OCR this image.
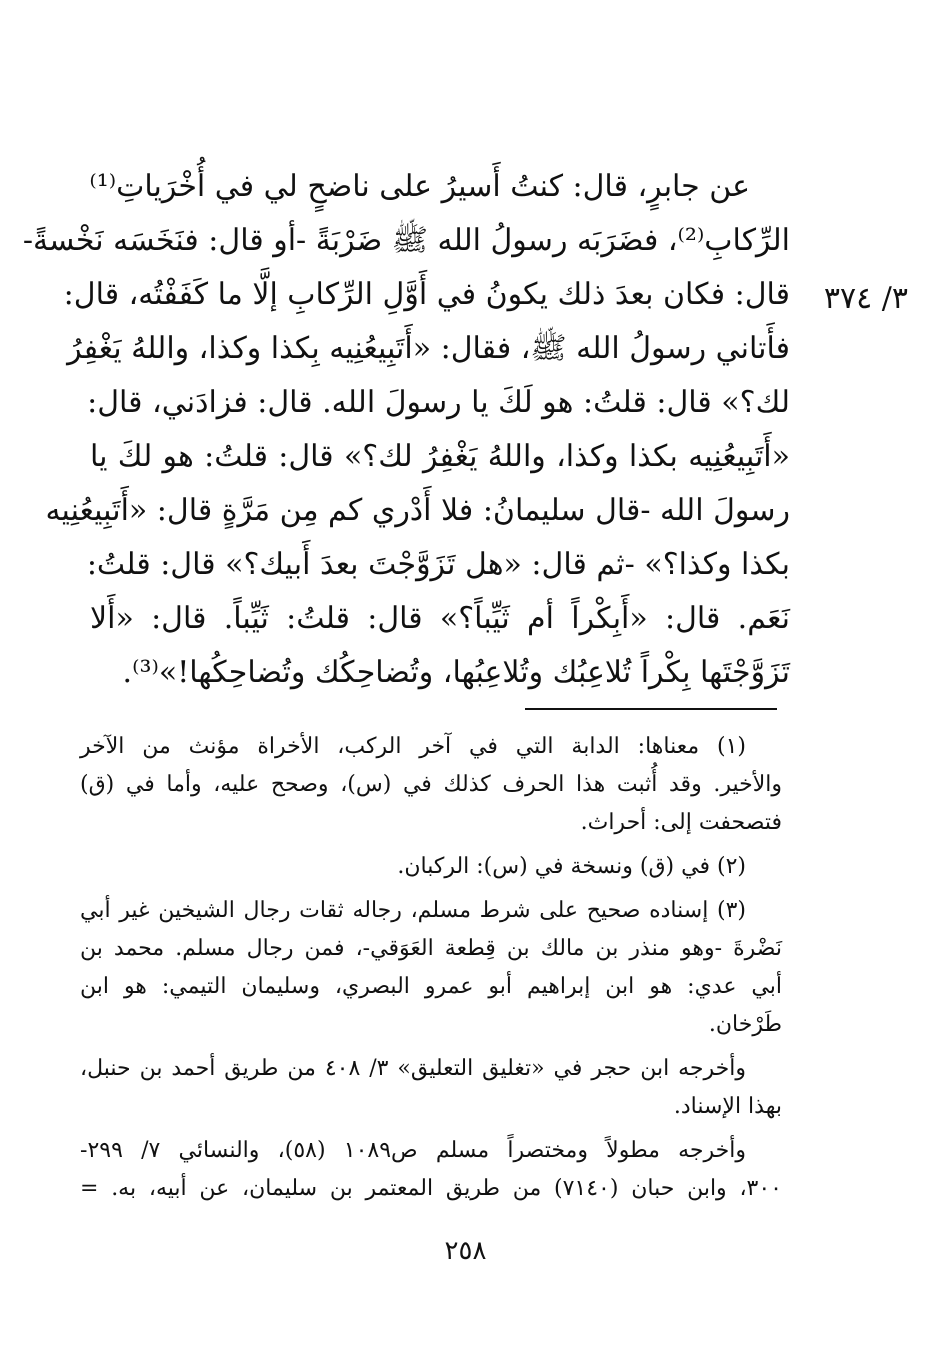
٣/ ٣٧٤
عن جابرٍ، قال: كنتُ أَسيرُ على ناضحٍ لي في أُخْرَياتِ⁽¹⁾
الرِّكابِ⁽²⁾، فضَرَبَه رسولُ الله ﷺ ضَرْبَةً -أو قال: فنَخَسَه نَخْسةً-
قال: فكان بعدَ ذلك يكونُ في أَوَّلِ الرِّكابِ إلَّا ما كَفَفْتُه، قال:
فأَتاني رسولُ الله ﷺ، فقال: «أَتَبِيعُنِيه بِكذا وكذا، واللهُ يَغْفِرُ
لك؟» قال: قلتُ: هو لَكَ يا رسولَ الله. قال: فزادَني، قال:
«أَتَبِيعُنِيه بكذا وكذا، واللهُ يَغْفِرُ لك؟» قال: قلتُ: هو لكَ يا
رسولَ الله -قال سليمانُ: فلا أَدْري كم مِن مَرَّةٍ قال: «أَتَبِيعُنِيه
بكذا وكذا؟» -ثم قال: «هل تَزَوَّجْتَ بعدَ أَبيك؟» قال: قلتُ:
نَعَم. قال: «أَبِكْراً أم ثَيِّباً؟» قال: قلتُ: ثَيِّباً. قال: «أَلا
تَزَوَّجْتَها بِكْراً تُلاعِبُك وتُلاعِبُها، وتُضاحِكُك وتُضاحِكُها!»⁽³⁾.
(١) معناها: الدابة التي في آخر الركب، الأخراة مؤنث من الآخر
والأخير. وقد أُثبت هذا الحرف كذلك في (س)، وصحح عليه، وأما في (ق)
فتصحفت إلى: أحراث.
(٢) في (ق) ونسخة في (س): الركبان.
(٣) إسناده صحيح على شرط مسلم، رجاله ثقات رجال الشيخين غير أبي
نَضْرةَ -وهو منذر بن مالك بن قِطعة العَوَقي-، فمن رجال مسلم. محمد بن
أبي عدي: هو ابن إبراهيم أبو عمرو البصري، وسليمان التيمي: هو ابن
طَرْخان.
وأخرجه ابن حجر في «تغليق التعليق» ٣/ ٤٠٨ من طريق أحمد بن حنبل،
بهذا الإسناد.
وأخرجه مطولاً ومختصراً مسلم ص١٠٨٩ (٥٨)، والنسائي ٧/ ٢٩٩-
٣٠٠، وابن حبان (٧١٤٠) من طريق المعتمر بن سليمان، عن أبيه، به. =
٢٥٨
